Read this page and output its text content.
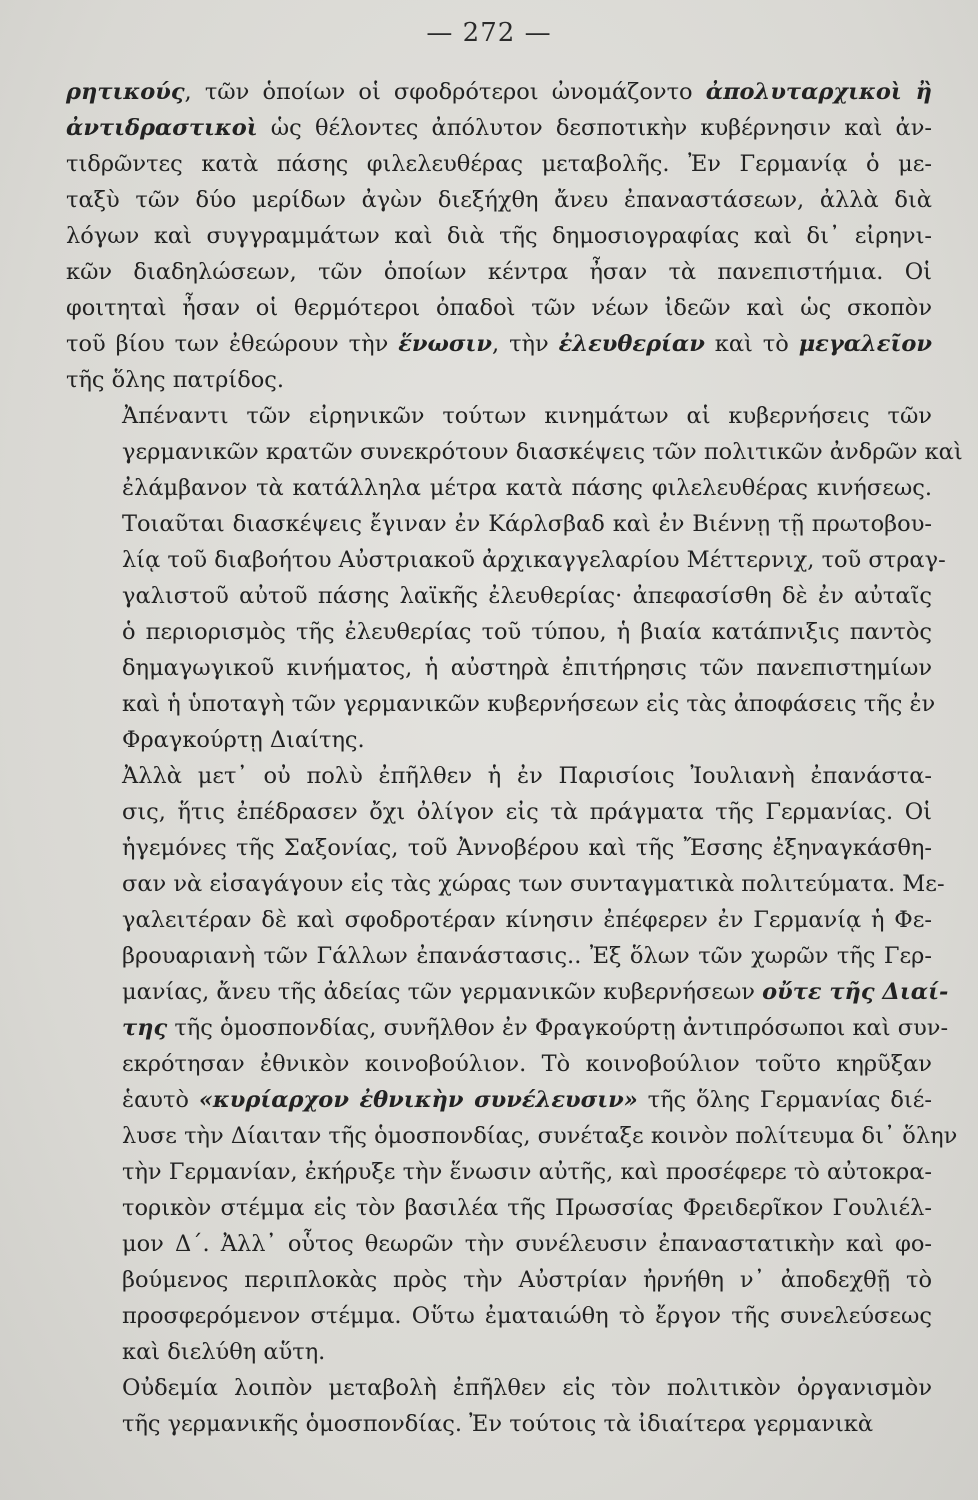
— 272 —
ρητικούς, τῶν ὁποίων οἱ σφοδρότεροι ὠνομάζοντο ἀπολυταρχικοὶ ἢ
ἀντιδραστικοὶ ὡς θέλοντες ἀπόλυτον δεσποτικὴν κυβέρνησιν καὶ ἀν-
τιδρῶντες κατὰ πάσης φιλελευθέρας μεταβολῆς. Ἐν Γερμανίᾳ ὁ με-
ταξὺ τῶν δύο μερίδων ἀγὼν διεξήχθη ἄνευ ἐπαναστάσεων, ἀλλὰ διὰ
λόγων καὶ συγγραμμάτων καὶ διὰ τῆς δημοσιογραφίας καὶ δι᾿ εἰρηνι-
κῶν διαδηλώσεων, τῶν ὁποίων κέντρα ἦσαν τὰ πανεπιστήμια. Οἱ
φοιτηταὶ ἦσαν οἱ θερμότεροι ὀπαδοὶ τῶν νέων ἰδεῶν καὶ ὡς σκοπὸν
τοῦ βίου των ἐθεώρουν τὴν ἕνωσιν, τὴν ἐλευθερίαν καὶ τὸ μεγαλεῖον
τῆς ὅλης πατρίδος.
Ἀπέναντι τῶν εἰρηνικῶν τούτων κινημάτων αἱ κυβερνήσεις τῶν
γερμανικῶν κρατῶν συνεκρότουν διασκέψεις τῶν πολιτικῶν ἀνδρῶν καὶ
ἐλάμβανον τὰ κατάλληλα μέτρα κατὰ πάσης φιλελευθέρας κινήσεως.
Τοιαῦται διασκέψεις ἔγιναν ἐν Κάρλσβαδ καὶ ἐν Βιέννῃ τῇ πρωτοβου-
λίᾳ τοῦ διαβοήτου Αὐστριακοῦ ἀρχικαγγελαρίου Μέττερνιχ, τοῦ στραγ-
γαλιστοῦ αὐτοῦ πάσης λαϊκῆς ἐλευθερίας· ἀπεφασίσθη δὲ ἐν αὐταῖς
ὁ περιορισμὸς τῆς ἐλευθερίας τοῦ τύπου, ἡ βιαία κατάπνιξις παντὸς
δημαγωγικοῦ κινήματος, ἡ αὐστηρὰ ἐπιτήρησις τῶν πανεπιστημίων
καὶ ἡ ὑποταγὴ τῶν γερμανικῶν κυβερνήσεων εἰς τὰς ἀποφάσεις τῆς ἐν
Φραγκούρτῃ Διαίτης.
Ἀλλὰ μετ᾿ οὐ πολὺ ἐπῆλθεν ἡ ἐν Παρισίοις Ἰουλιανὴ ἐπανάστα-
σις, ἥτις ἐπέδρασεν ὄχι ὀλίγον εἰς τὰ πράγματα τῆς Γερμανίας. Οἱ
ἡγεμόνες τῆς Σαξονίας, τοῦ Ἀννοβέρου καὶ τῆς Ἔσσης ἐξηναγκάσθη-
σαν νὰ εἰσαγάγουν εἰς τὰς χώρας των συνταγματικὰ πολιτεύματα. Με-
γαλειτέραν δὲ καὶ σφοδροτέραν κίνησιν ἐπέφερεν ἐν Γερμανίᾳ ἡ Φε-
βρουαριανὴ τῶν Γάλλων ἐπανάστασις.. Ἐξ ὅλων τῶν χωρῶν τῆς Γερ-
μανίας, ἄνευ τῆς ἀδείας τῶν γερμανικῶν κυβερνήσεων οὔτε τῆς Διαί-
της τῆς ὁμοσπονδίας, συνῆλθον ἐν Φραγκούρτῃ ἀντιπρόσωποι καὶ συν-
εκρότησαν ἐθνικὸν κοινοβούλιον. Τὸ κοινοβούλιον τοῦτο κηρῦξαν
ἑαυτὸ «κυρίαρχον ἐθνικὴν συνέλευσιν» τῆς ὅλης Γερμανίας διέ-
λυσε τὴν Δίαιταν τῆς ὁμοσπονδίας, συνέταξε κοινὸν πολίτευμα δι᾿ ὅλην
τὴν Γερμανίαν, ἐκήρυξε τὴν ἕνωσιν αὐτῆς, καὶ προσέφερε τὸ αὐτοκρα-
τορικὸν στέμμα εἰς τὸν βασιλέα τῆς Πρωσσίας Φρειδερῖκον Γουλιέλ-
μον Δ΄. Ἀλλ᾿ οὗτος θεωρῶν τὴν συνέλευσιν ἐπαναστατικὴν καὶ φο-
βούμενος περιπλοκὰς πρὸς τὴν Αὐστρίαν ἠρνήθη ν᾿ ἀποδεχθῇ τὸ
προσφερόμενον στέμμα. Οὕτω ἐματαιώθη τὸ ἔργον τῆς συνελεύσεως
καὶ διελύθη αὕτη.
Οὐδεμία λοιπὸν μεταβολὴ ἐπῆλθεν εἰς τὸν πολιτικὸν ὀργανισμὸν
τῆς γερμανικῆς ὁμοσπονδίας. Ἐν τούτοις τὰ ἰδιαίτερα γερμανικὰ
